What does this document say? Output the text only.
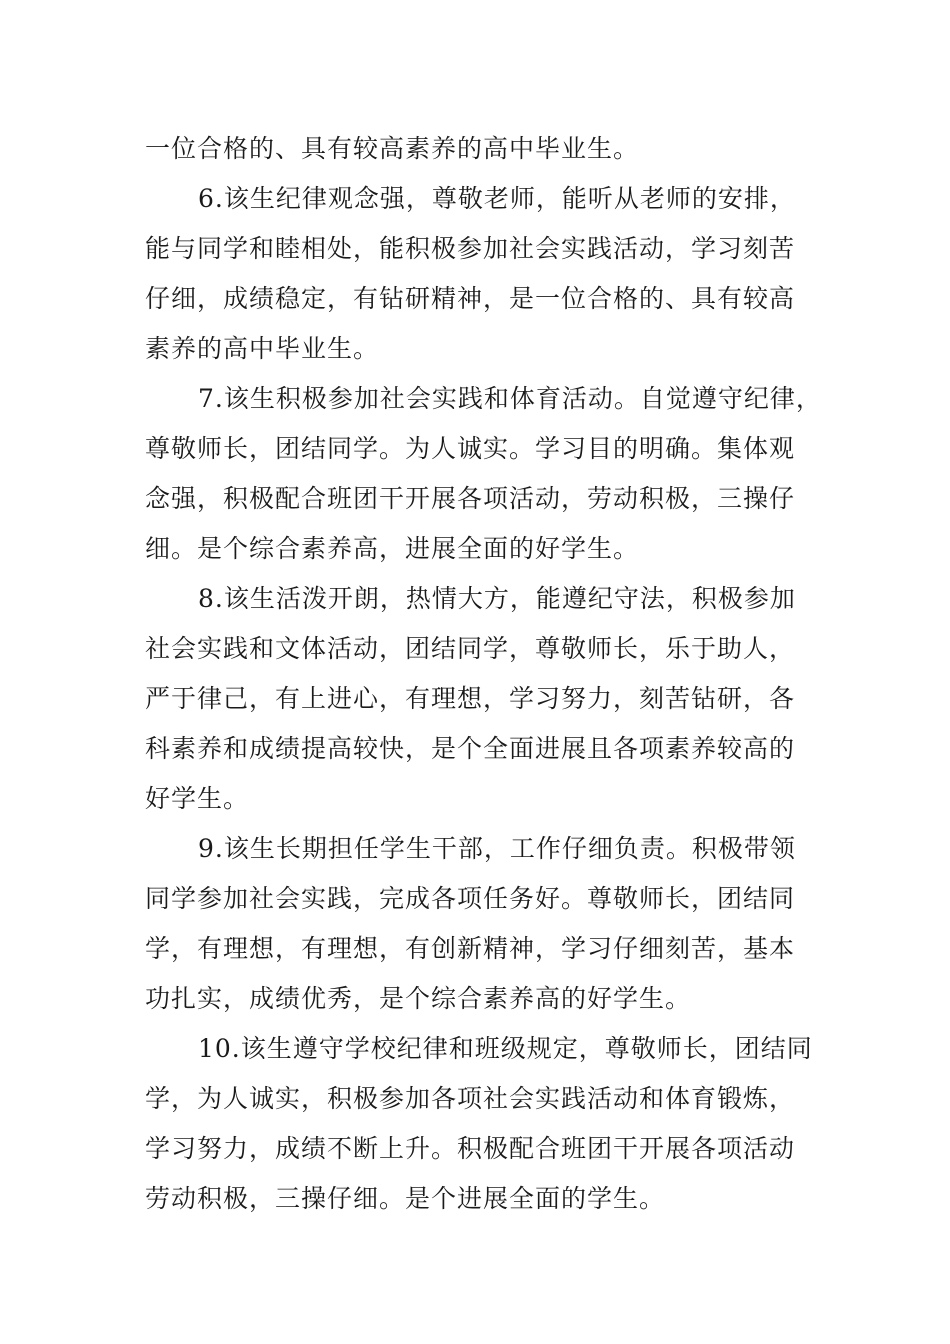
一位合格的、具有较高素养的高中毕业生。
6.该生纪律观念强，尊敬老师，能听从老师的安排，
能与同学和睦相处，能积极参加社会实践活动，学习刻苦
仔细，成绩稳定，有钻研精神，是一位合格的、具有较高
素养的高中毕业生。
7.该生积极参加社会实践和体育活动。自觉遵守纪律，
尊敬师长，团结同学。为人诚实。学习目的明确。集体观
念强，积极配合班团干开展各项活动，劳动积极，三操仔
细。是个综合素养高，进展全面的好学生。
8.该生活泼开朗，热情大方，能遵纪守法，积极参加
社会实践和文体活动，团结同学，尊敬师长，乐于助人，
严于律己，有上进心，有理想，学习努力，刻苦钻研，各
科素养和成绩提高较快，是个全面进展且各项素养较高的
好学生。
9.该生长期担任学生干部，工作仔细负责。积极带领
同学参加社会实践，完成各项任务好。尊敬师长，团结同
学，有理想，有理想，有创新精神，学习仔细刻苦，基本
功扎实，成绩优秀，是个综合素养高的好学生。
10.该生遵守学校纪律和班级规定，尊敬师长，团结同
学，为人诚实，积极参加各项社会实践活动和体育锻炼，
学习努力，成绩不断上升。积极配合班团干开展各项活动
劳动积极，三操仔细。是个进展全面的学生。
